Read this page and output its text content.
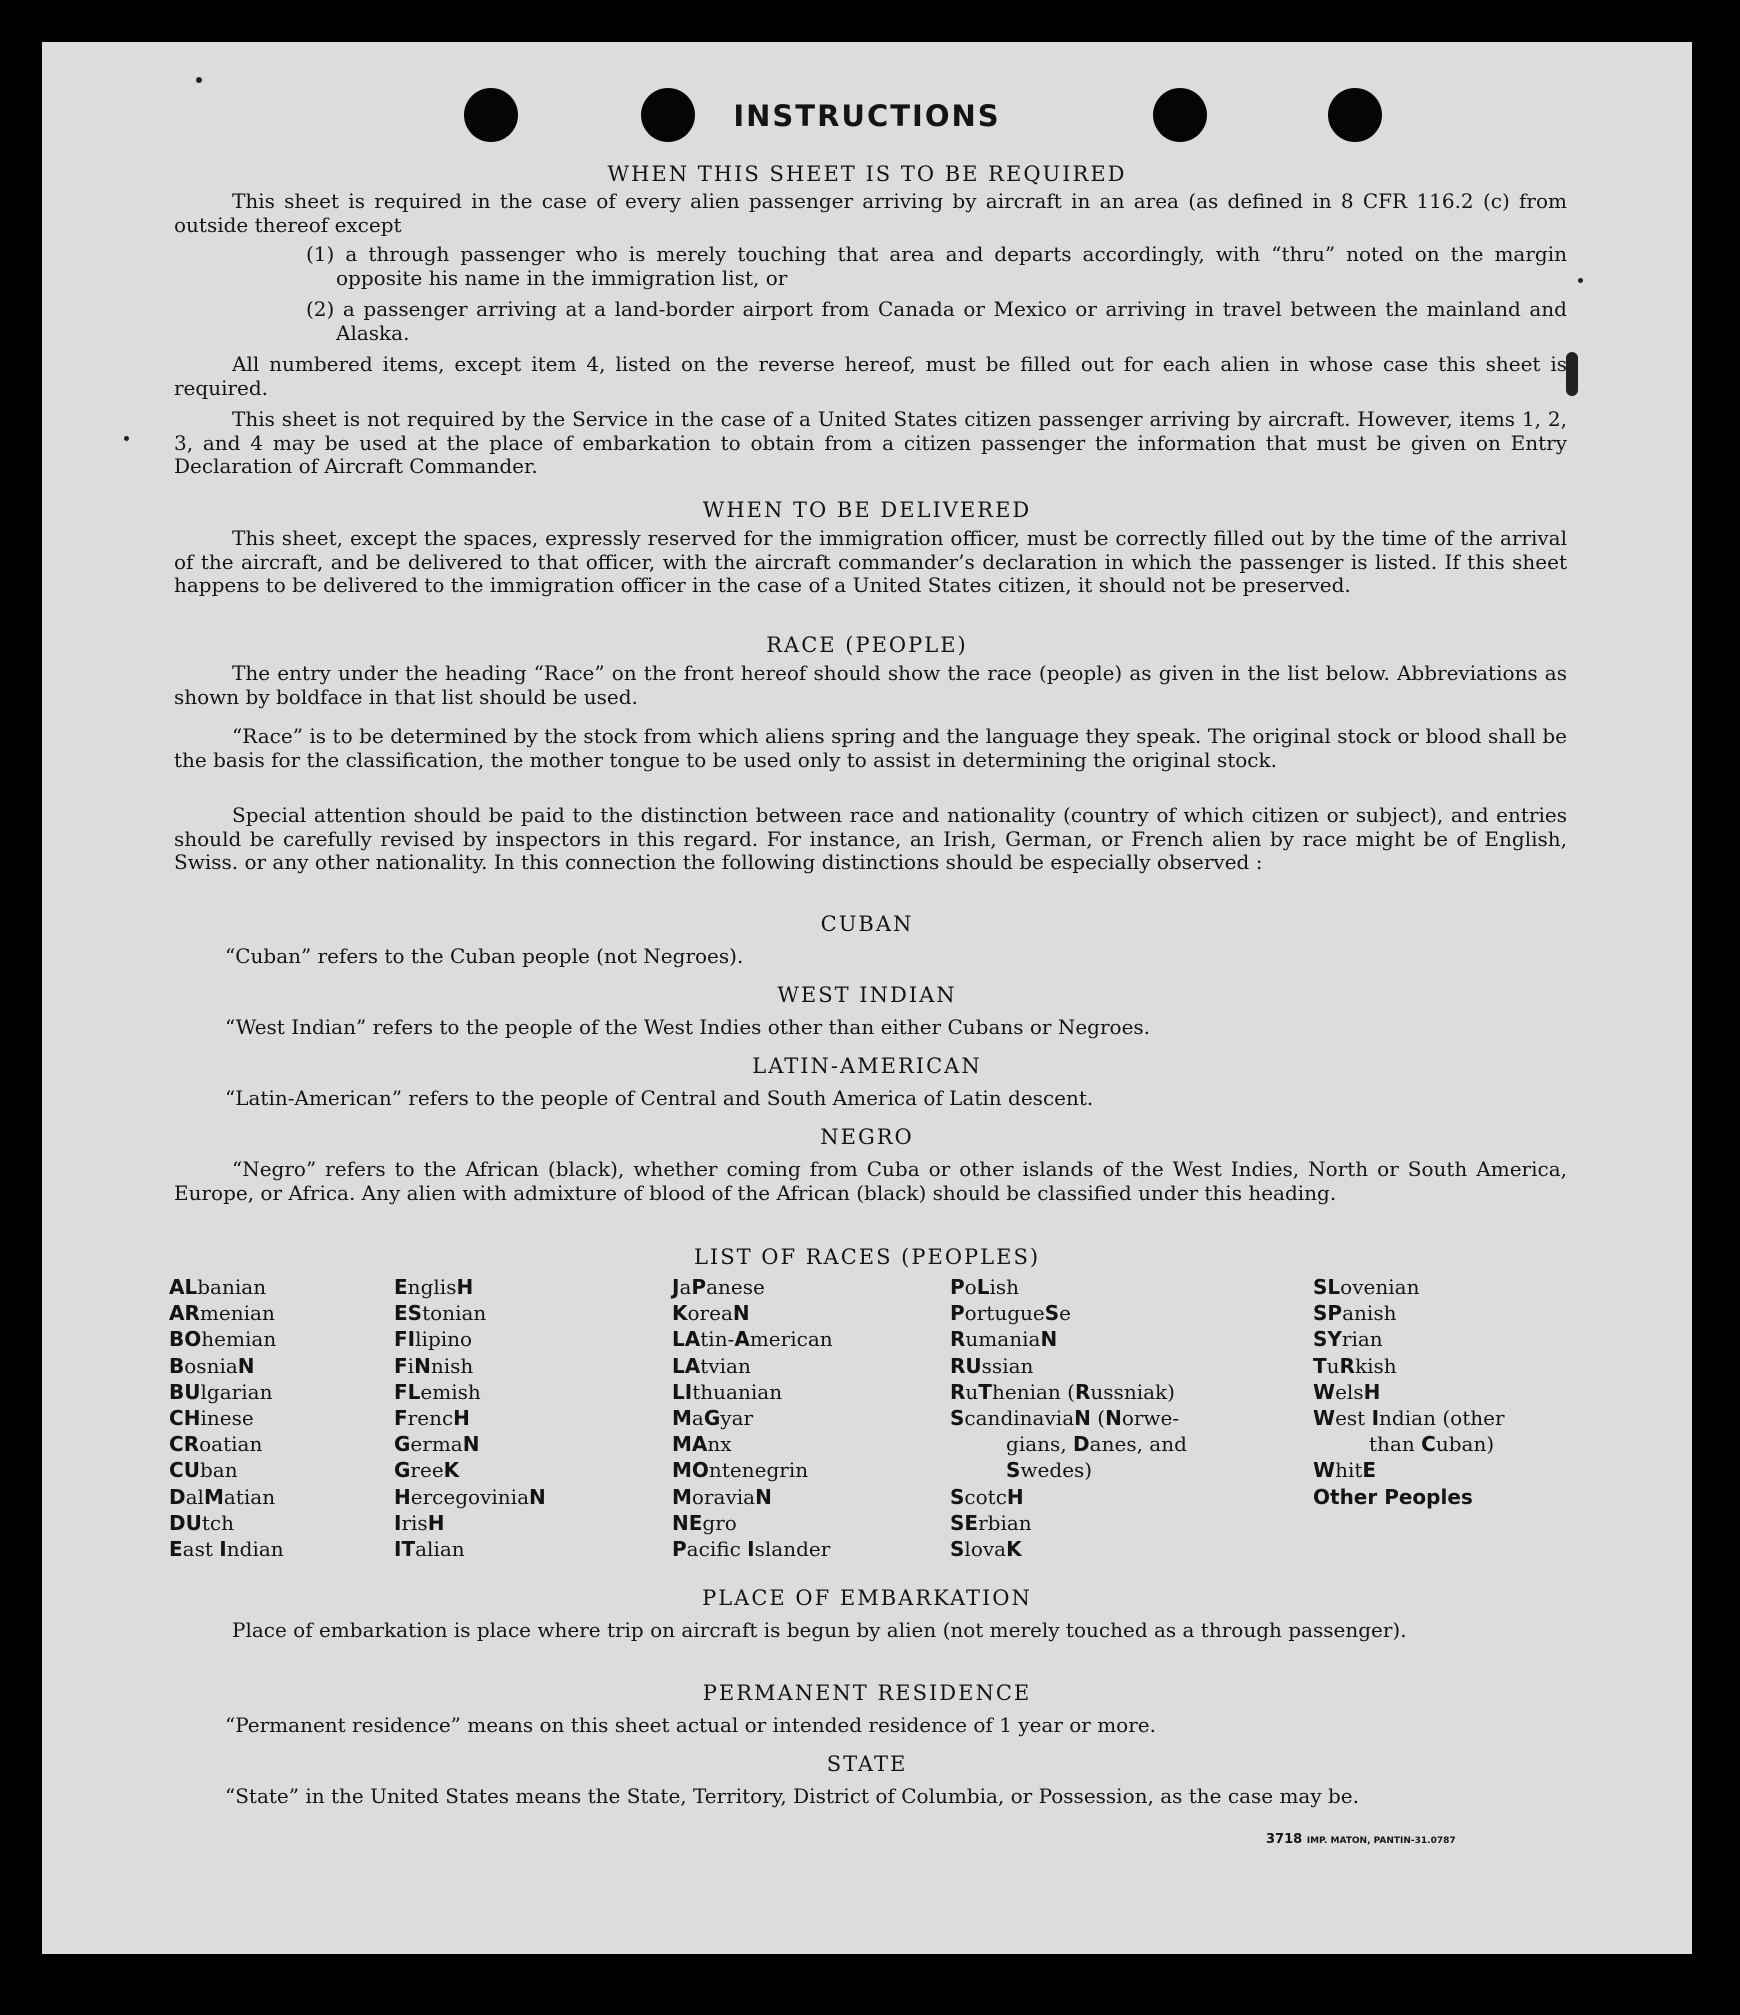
INSTRUCTIONS
WHEN THIS SHEET IS TO BE REQUIRED
This sheet is required in the case of every alien passenger arriving by aircraft in an area (as defined in 8 CFR 116.2 (c) from outside thereof except
(1) a through passenger who is merely touching that area and departs accordingly, with “thru” noted on the margin opposite his name in the immigration list, or
(2) a passenger arriving at a land-border airport from Canada or Mexico or arriving in travel between the mainland and Alaska.
All numbered items, except item 4, listed on the reverse hereof, must be filled out for each alien in whose case this sheet is required.
This sheet is not required by the Service in the case of a United States citizen passenger arriving by aircraft. However, items 1, 2, 3, and 4 may be used at the place of embarkation to obtain from a citizen passenger the information that must be given on Entry Declaration of Aircraft Commander.
WHEN TO BE DELIVERED
This sheet, except the spaces, expressly reserved for the immigration officer, must be correctly filled out by the time of the arrival of the aircraft, and be delivered to that officer, with the aircraft commander’s declaration in which the passenger is listed. If this sheet happens to be delivered to the immigration officer in the case of a United States citizen, it should not be preserved.
RACE (PEOPLE)
The entry under the heading “Race” on the front hereof should show the race (people) as given in the list below. Abbreviations as shown by boldface in that list should be used.
“Race” is to be determined by the stock from which aliens spring and the language they speak. The original stock or blood shall be the basis for the classification, the mother tongue to be used only to assist in determining the original stock.
Special attention should be paid to the distinction between race and nationality (country of which citizen or subject), and entries should be carefully revised by inspectors in this regard. For instance, an Irish, German, or French alien by race might be of English, Swiss. or any other nationality. In this connection the following distinctions should be especially observed :
CUBAN
“Cuban” refers to the Cuban people (not Negroes).
WEST INDIAN
“West Indian” refers to the people of the West Indies other than either Cubans or Negroes.
LATIN-AMERICAN
“Latin-American” refers to the people of Central and South America of Latin descent.
NEGRO
“Negro” refers to the African (black), whether coming from Cuba or other islands of the West Indies, North or South America, Europe, or Africa. Any alien with admixture of blood of the African (black) should be classified under this heading.
LIST OF RACES (PEOPLES)
ALbanian
ARmenian
BOhemian
BosniaN
BUlgarian
CHinese
CRoatian
CUban
DalMatian
DUtch
East Indian
EnglisH
EStonian
FIlipino
FiNnish
FLemish
FrencH
GermaN
GreeK
HercegoviniaN
IrisH
ITalian
JaPanese
KoreaN
LAtin-American
LAtvian
LIthuanian
MaGyar
MAnx
MOntenegrin
MoraviaN
NEgro
Pacifc Islander
PoLish
PortugueSe
RumaniaN
RUssian
RuThenian (Russniak)
ScandinaviaN (Norwe-
gians, Danes, and
Swedes)
ScotcH
SErbian
SlovaK
SLovenian
SPanish
SYrian
TuRkish
WelsH
West Indian (other
than Cuban)
WhitE
Other Peoples
PLACE OF EMBARKATION
Place of embarkation is place where trip on aircraft is begun by alien (not merely touched as a through passenger).
PERMANENT RESIDENCE
“Permanent residence” means on this sheet actual or intended residence of 1 year or more.
STATE
“State” in the United States means the State, Territory, District of Columbia, or Possession, as the case may be.
3718 IMP. MATON, PANTIN-31.0787
